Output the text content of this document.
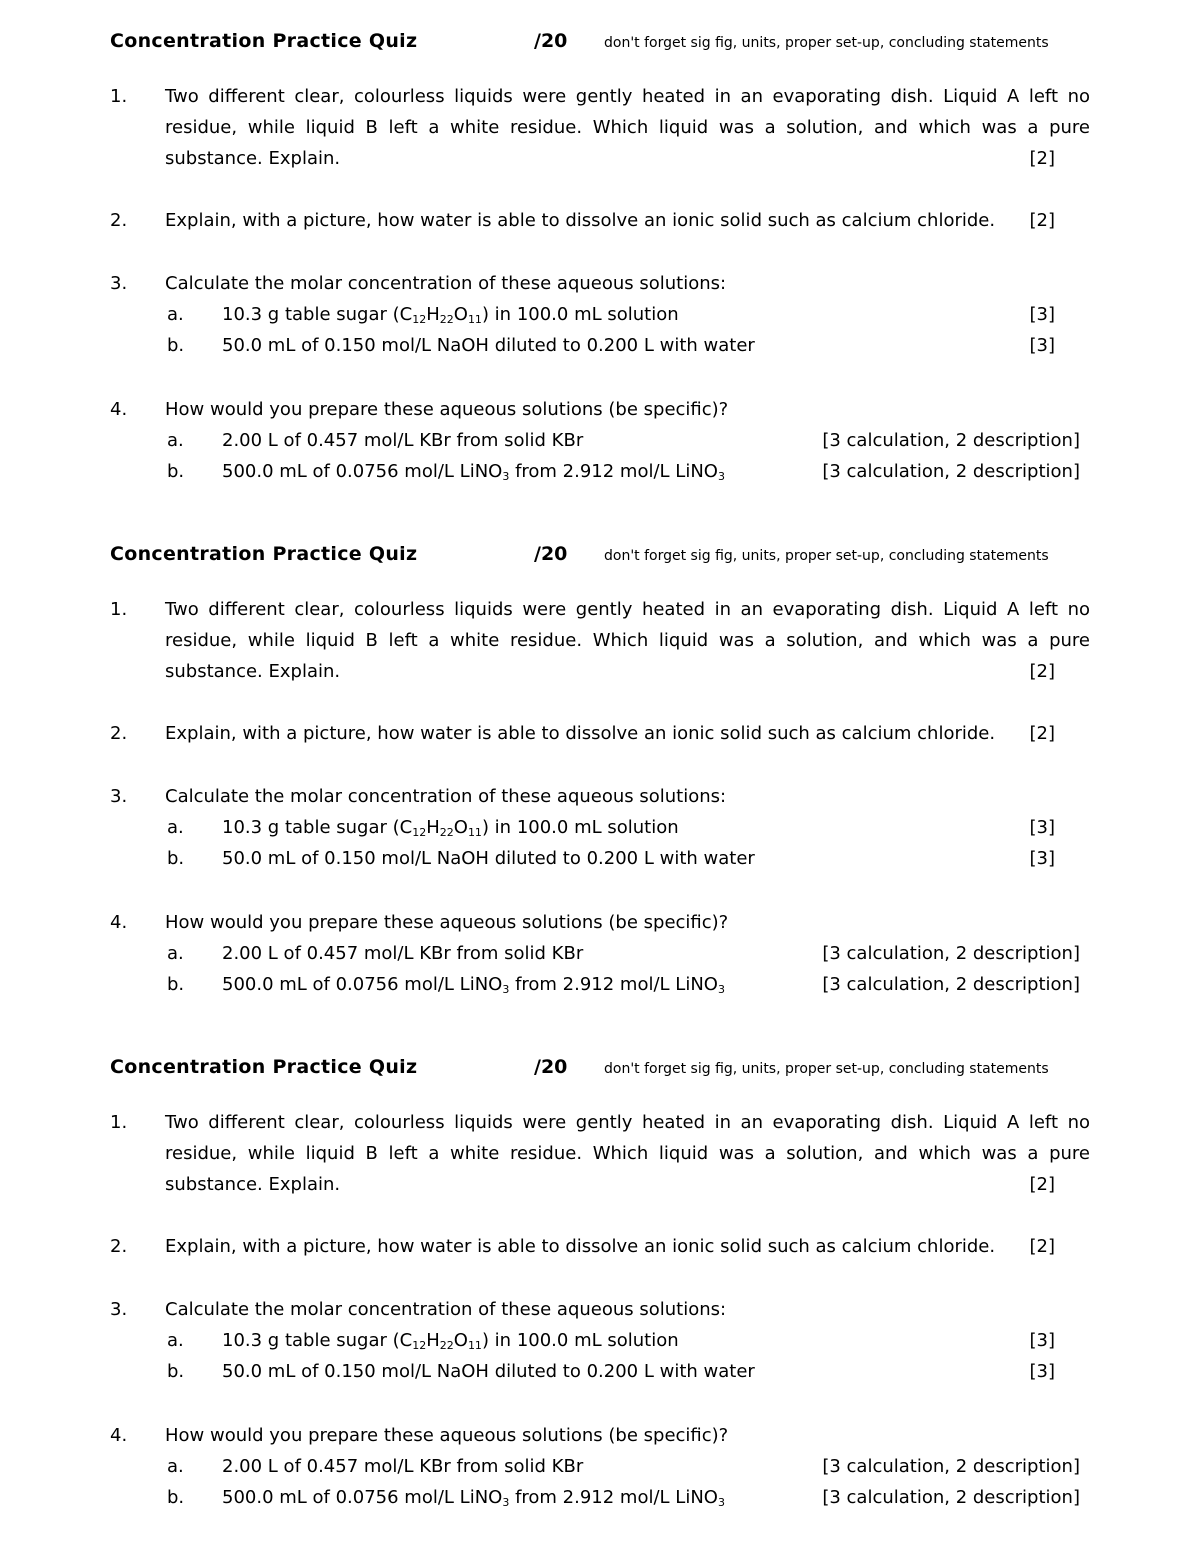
Concentration Practice Quiz	/20	don't forget sig fig, units, proper set-up, concluding statements
1. Two different clear, colourless liquids were gently heated in an evaporating dish. Liquid A left no residue, while liquid B left a white residue. Which liquid was a solution, and which was a pure substance. Explain.	[2]
2. Explain, with a picture, how water is able to dissolve an ionic solid such as calcium chloride.	[2]
3. Calculate the molar concentration of these aqueous solutions:
a. 10.3 g table sugar $(C_{12}H_{22}O_{11})$ in 100.0 mL solution	[3]
b. 50.0 mL of 0.150 mol/L NaOH diluted to 0.200 L with water	[3]
4. How would you prepare these aqueous solutions (be specific)?
a. 2.00 L of 0.457 mol/L KBr from solid KBr	[3 calculation, 2 description]
b. 500.0 mL of 0.0756 mol/L LiNO$_3$ from 2.912 mol/L LiNO$_3$	[3 calculation, 2 description]
Concentration Practice Quiz	/20	don't forget sig fig, units, proper set-up, concluding statements
1. Two different clear, colourless liquids were gently heated in an evaporating dish. Liquid A left no residue, while liquid B left a white residue. Which liquid was a solution, and which was a pure substance. Explain.	[2]
2. Explain, with a picture, how water is able to dissolve an ionic solid such as calcium chloride.	[2]
3. Calculate the molar concentration of these aqueous solutions:
a. 10.3 g table sugar $(C_{12}H_{22}O_{11})$ in 100.0 mL solution	[3]
b. 50.0 mL of 0.150 mol/L NaOH diluted to 0.200 L with water	[3]
4. How would you prepare these aqueous solutions (be specific)?
a. 2.00 L of 0.457 mol/L KBr from solid KBr	[3 calculation, 2 description]
b. 500.0 mL of 0.0756 mol/L LiNO$_3$ from 2.912 mol/L LiNO$_3$	[3 calculation, 2 description]
Concentration Practice Quiz	/20	don't forget sig fig, units, proper set-up, concluding statements
1. Two different clear, colourless liquids were gently heated in an evaporating dish. Liquid A left no residue, while liquid B left a white residue. Which liquid was a solution, and which was a pure substance. Explain.	[2]
2. Explain, with a picture, how water is able to dissolve an ionic solid such as calcium chloride.	[2]
3. Calculate the molar concentration of these aqueous solutions:
a. 10.3 g table sugar $(C_{12}H_{22}O_{11})$ in 100.0 mL solution	[3]
b. 50.0 mL of 0.150 mol/L NaOH diluted to 0.200 L with water	[3]
4. How would you prepare these aqueous solutions (be specific)?
a. 2.00 L of 0.457 mol/L KBr from solid KBr	[3 calculation, 2 description]
b. 500.0 mL of 0.0756 mol/L LiNO$_3$ from 2.912 mol/L LiNO$_3$	[3 calculation, 2 description]
